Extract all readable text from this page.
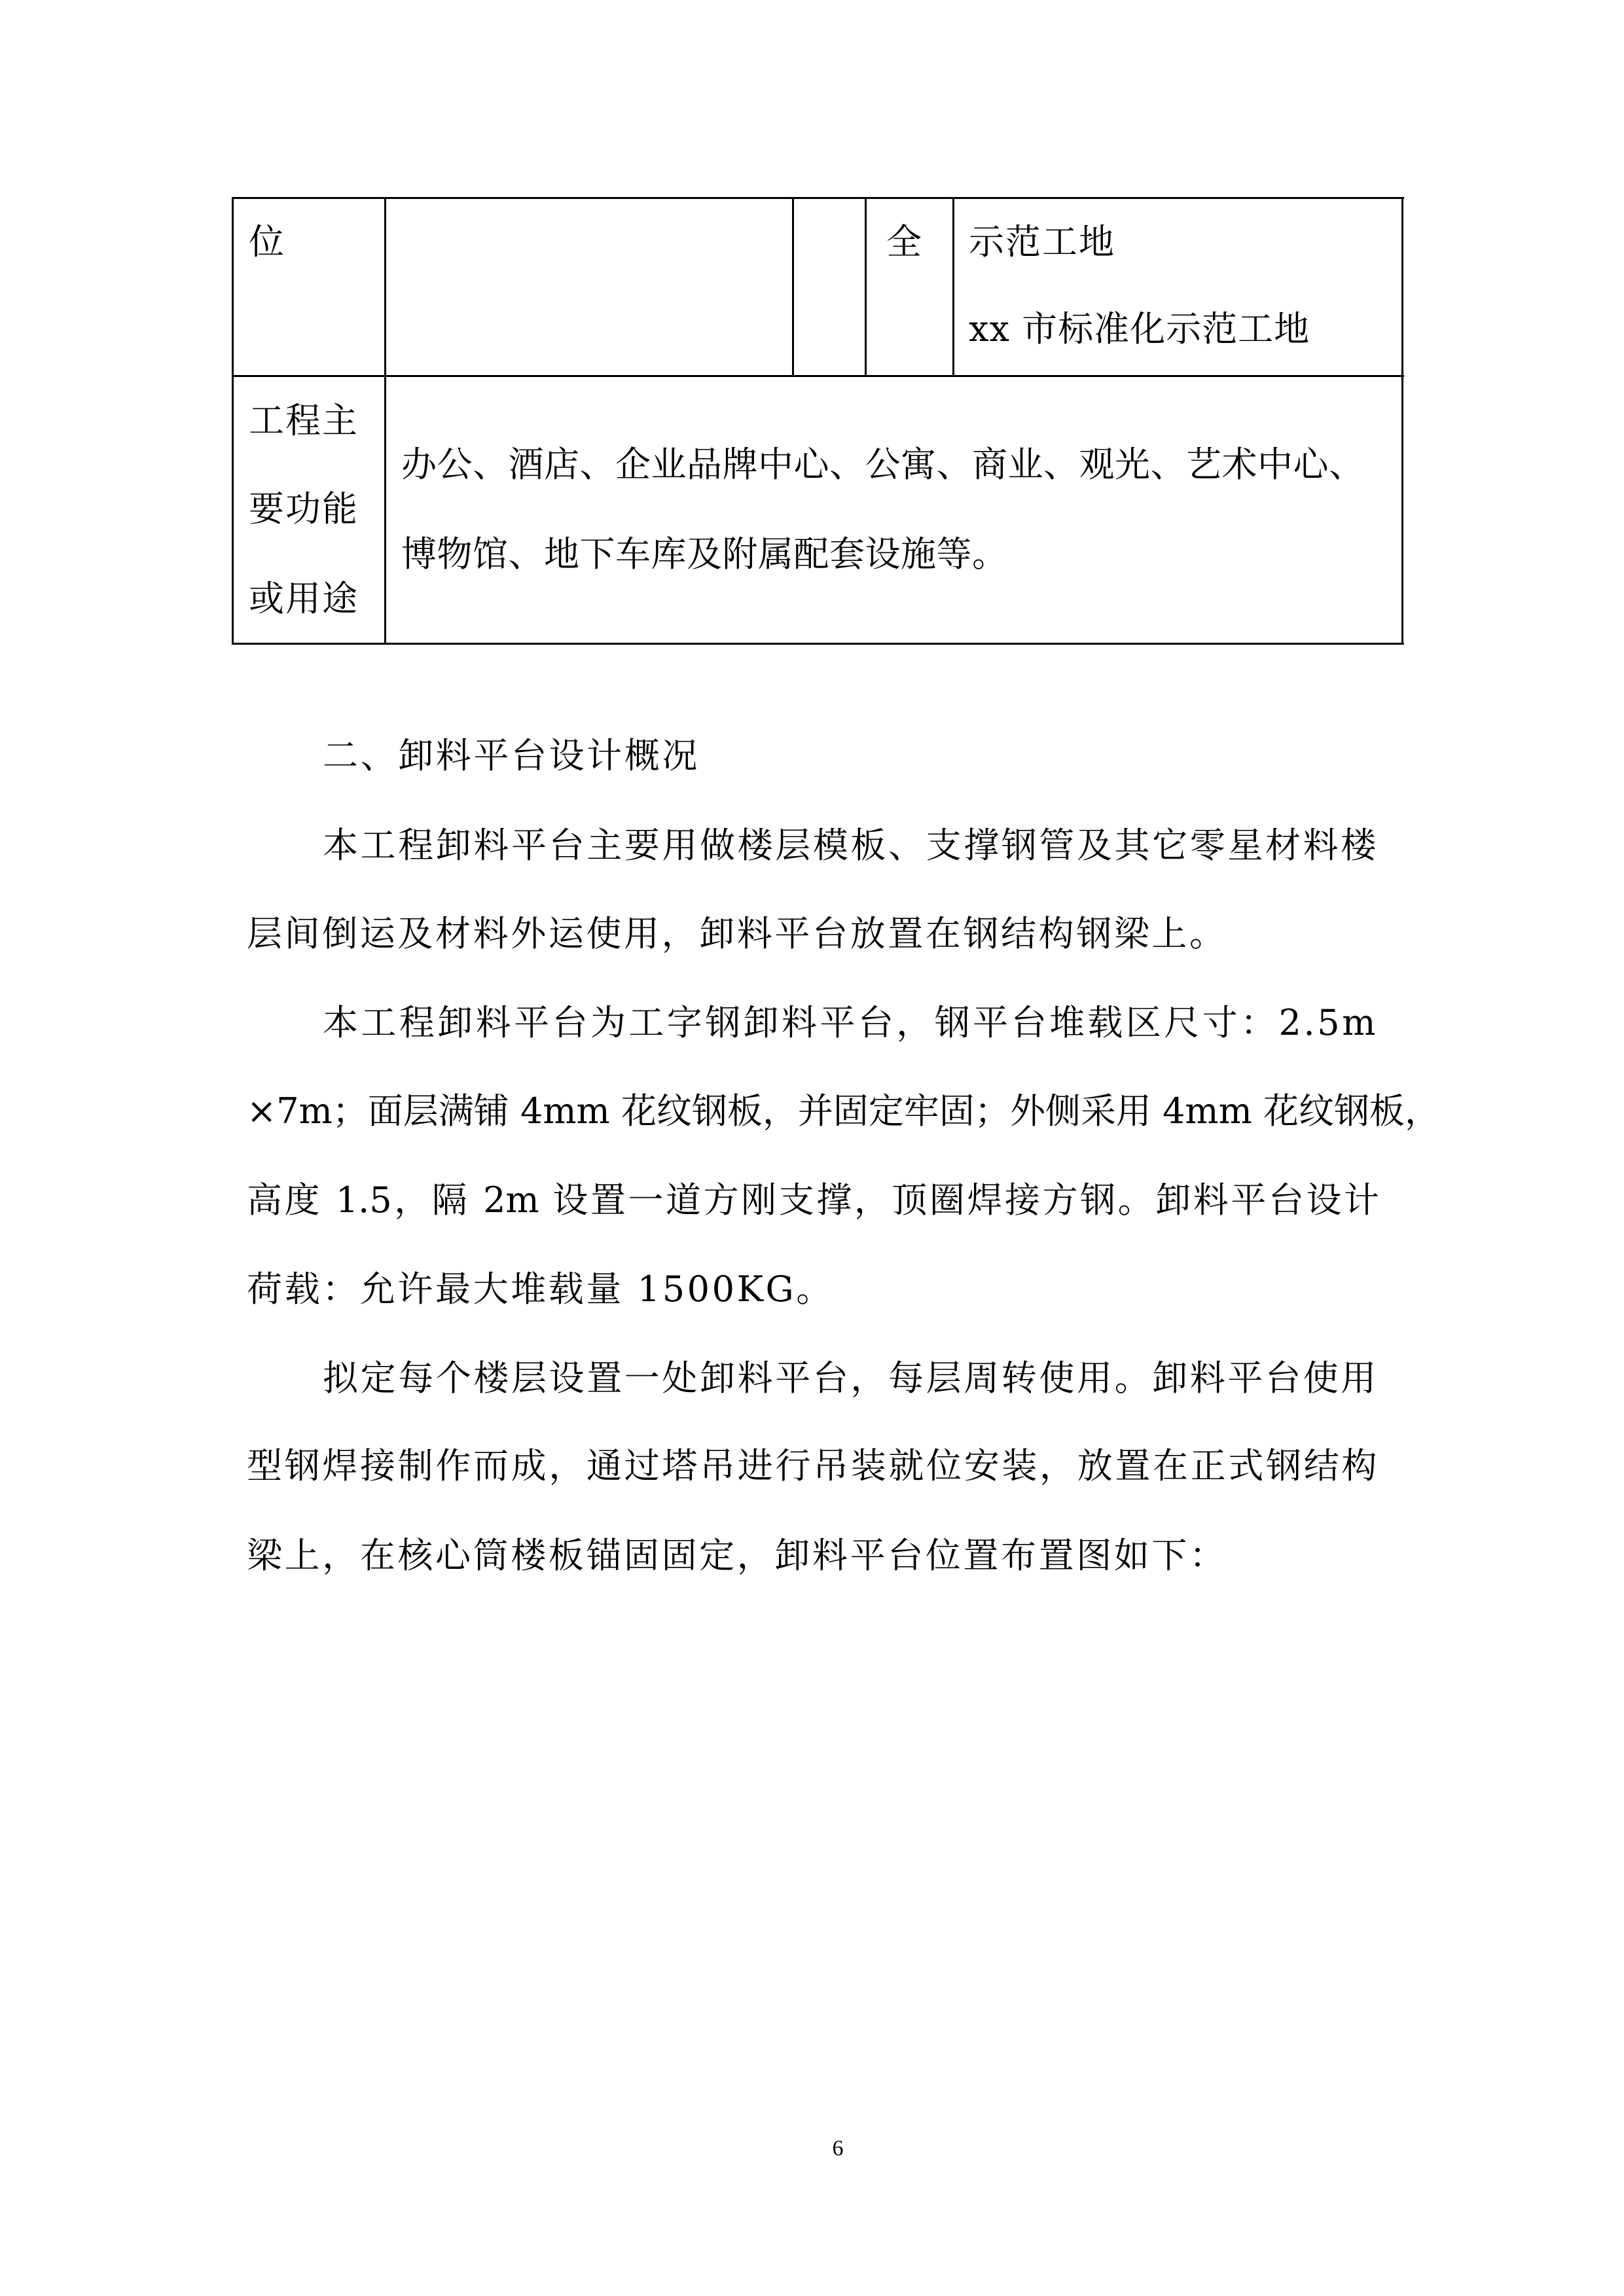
位	全 示范工地
xx 市标准化示范工地
工程主
要功能
或用途
办公、酒店、企业品牌中心、公寓、商业、观光、艺术中心、
博物馆、地下车库及附属配套设施等。
二、卸料平台设计概况
本工程卸料平台主要用做楼层模板、支撑钢管及其它零星材料楼
层间倒运及材料外运使用，卸料平台放置在钢结构钢梁上。
本工程卸料平台为工字钢卸料平台，钢平台堆载区尺寸：2.5m
×7m；面层满铺 4mm 花纹钢板，并固定牢固；外侧采用 4mm 花纹钢板，
高度 1.5，隔 2m 设置一道方刚支撑，顶圈焊接方钢。卸料平台设计
荷载：允许最大堆载量 1500KG。
拟定每个楼层设置一处卸料平台，每层周转使用。卸料平台使用
型钢焊接制作而成，通过塔吊进行吊装就位安装，放置在正式钢结构
梁上，在核心筒楼板锚固固定，卸料平台位置布置图如下：
6
